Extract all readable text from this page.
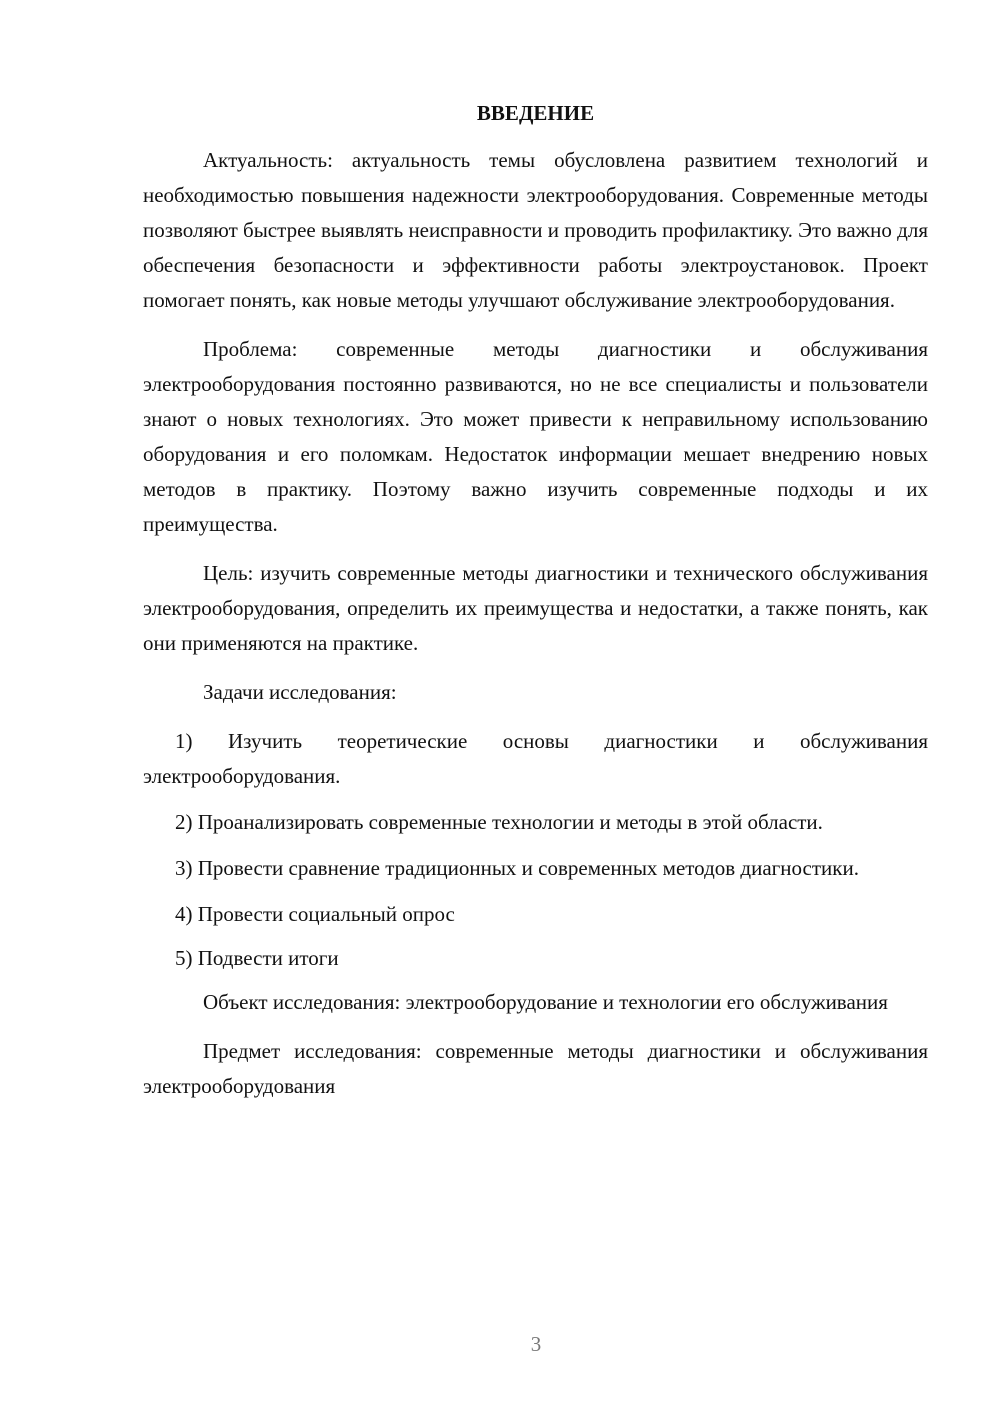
ВВЕДЕНИЕ

Актуальность: актуальность темы обусловлена развитием технологий и необходимостью повышения надежности электрооборудования. Современные методы позволяют быстрее выявлять неисправности и проводить профилактику. Это важно для обеспечения безопасности и эффективности работы электроустановок. Проект помогает понять, как новые методы улучшают обслуживание электрооборудования.

Проблема: современные методы диагностики и обслуживания электрооборудования постоянно развиваются, но не все специалисты и пользователи знают о новых технологиях. Это может привести к неправильному использованию оборудования и его поломкам. Недостаток информации мешает внедрению новых методов в практику. Поэтому важно изучить современные подходы и их преимущества.

Цель: изучить современные методы диагностики и технического обслуживания электрооборудования, определить их преимущества и недостатки, а также понять, как они применяются на практике.

Задачи исследования:

1) Изучить теоретические основы диагностики и обслуживания электрооборудования.

2) Проанализировать современные технологии и методы в этой области.

3) Провести сравнение традиционных и современных методов диагностики.

4) Провести социальный опрос

5) Подвести итоги

Объект исследования: электрооборудование и технологии его обслуживания

Предмет исследования: современные методы диагностики и обслуживания электрооборудования

3
